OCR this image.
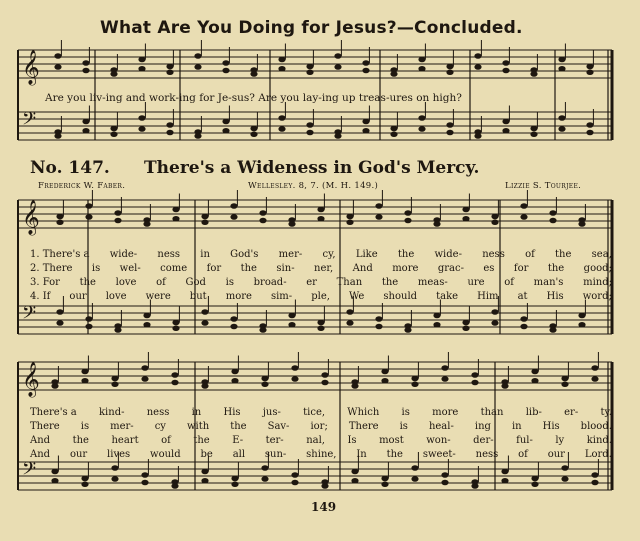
𝄞
𝄢
𝄞
𝄢
𝄞
𝄢
What Are You Doing for Jesus?—Concluded.
Are you liv-ing and work-ing for Je-sus? Are you lay-ing up treas-ures on high?
No. 147. There's a Wideness in God's Mercy.
Frederick W. Faber.	Wellesley. 8, 7. (M. H. 149.)	Lizzie S. Tourjee.
1. There's a wide- ness in God's mer- cy, Like the wide- ness of the sea,
2. There is wel- come for the sin- ner, And more grac- es for the good;
3. For the love of God is broad- er Than the meas- ure of man's mind;
4. If our love were but more sim- ple, We should take Him at His word;
There's a kind- ness in His jus- tice, Which is more than lib- er- ty.
There is mer- cy with the Sav- ior; There is heal- ing in His blood.
And the heart of the E- ter- nal, Is most won- der- ful- ly kind.
And our lives would be all sun- shine, In the sweet- ness of our Lord.
149
